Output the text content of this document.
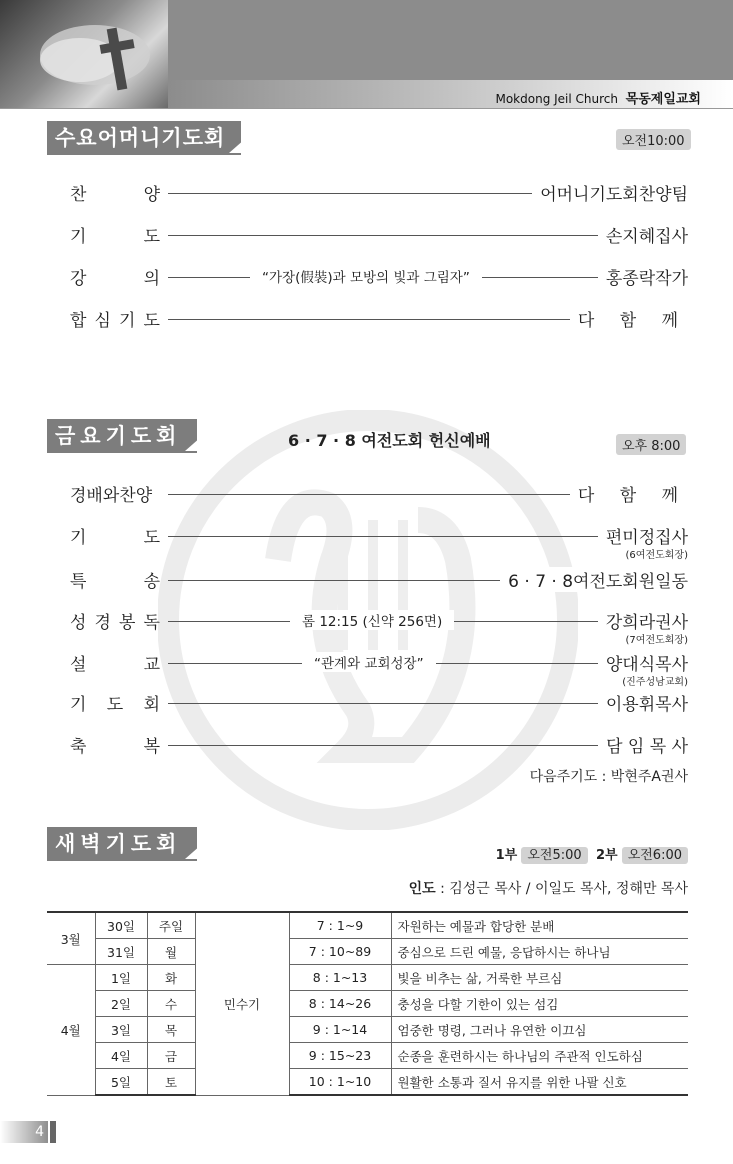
Mokdong Jeil Church 목동제일교회
수요어머니기도회	오전10:00
찬	양	어머니기도회찬양팀
기	도	손지혜집사
강	의	“가장(假裝)과 모방의 빛과 그림자”	홍종락작가
합 심 기 도	다 함 께
금요기도회	6 · 7 · 8 여전도회 헌신예배	오후 8:00
경배와찬양	다 함 께
기	도	편미정집사
(6여전도회장)
특	송	6 · 7 · 8여전도회원일동
성 경 봉 독	롬 12:15 (신약 256면)	강희라권사
(7여전도회장)
설	교	“관계와 교회성장”	양대식목사
(진주성남교회)
기 도 회	이용휘목사
축	복	담 임 목 사
다음주기도 : 박현주A권사
새벽기도회	1부 오전5:00 2부 오전6:00
인도 : 김성근 목사 / 이일도 목사, 정해만 목사
3월	30일	주일	민수기	7 : 1~9	자원하는 예물과 합당한 분배
	31일	월		7 : 10~89	중심으로 드린 예물, 응답하시는 하나님
4월	1일	화		8 : 1~13	빛을 비추는 삶, 거룩한 부르심
	2일	수		8 : 14~26	충성을 다할 기한이 있는 섬김
	3일	목		9 : 1~14	엄중한 명령, 그러나 유연한 이끄심
	4일	금		9 : 15~23	순종을 훈련하시는 하나님의 주관적 인도하심
	5일	토		10 : 1~10	원활한 소통과 질서 유지를 위한 나팔 신호
4
